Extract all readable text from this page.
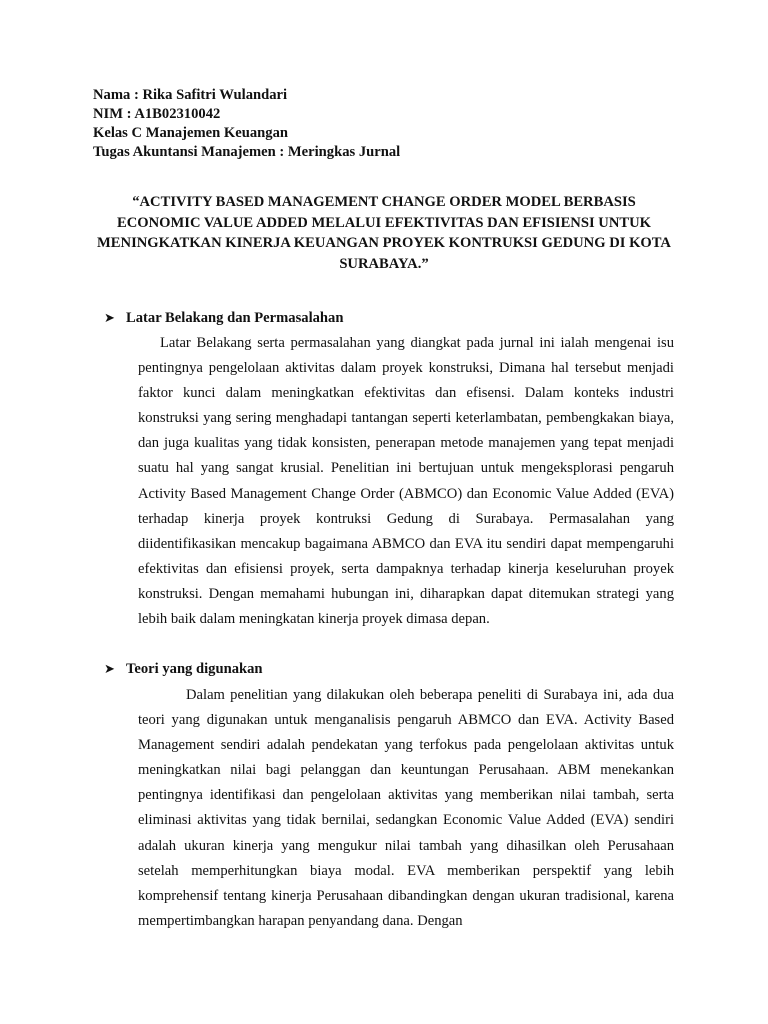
Nama : Rika Safitri Wulandari
NIM : A1B02310042
Kelas C Manajemen Keuangan
Tugas Akuntansi Manajemen : Meringkas Jurnal
“ACTIVITY BASED MANAGEMENT CHANGE ORDER MODEL BERBASIS ECONOMIC VALUE ADDED MELALUI EFEKTIVITAS DAN EFISIENSI UNTUK MENINGKATKAN KINERJA KEUANGAN PROYEK KONTRUKSI GEDUNG DI KOTA SURABAYA.”
➤ Latar Belakang dan Permasalahan
Latar Belakang serta permasalahan yang diangkat pada jurnal ini ialah mengenai isu pentingnya pengelolaan aktivitas dalam proyek konstruksi, Dimana hal tersebut menjadi faktor kunci dalam meningkatkan efektivitas dan efisensi. Dalam konteks industri konstruksi yang sering menghadapi tantangan seperti keterlambatan, pembengkakan biaya, dan juga kualitas yang tidak konsisten, penerapan metode manajemen yang tepat menjadi suatu hal yang sangat krusial. Penelitian ini bertujuan untuk mengeksplorasi pengaruh Activity Based Management Change Order (ABMCO) dan Economic Value Added (EVA) terhadap kinerja proyek kontruksi Gedung di Surabaya. Permasalahan yang diidentifikasikan mencakup bagaimana ABMCO dan EVA itu sendiri dapat mempengaruhi efektivitas dan efisiensi proyek, serta dampaknya terhadap kinerja keseluruhan proyek konstruksi. Dengan memahami hubungan ini, diharapkan dapat ditemukan strategi yang lebih baik dalam meningkatan kinerja proyek dimasa depan.
➤ Teori yang digunakan
Dalam penelitian yang dilakukan oleh beberapa peneliti di Surabaya ini, ada dua teori yang digunakan untuk menganalisis pengaruh ABMCO dan EVA. Activity Based Management sendiri adalah pendekatan yang terfokus pada pengelolaan aktivitas untuk meningkatkan nilai bagi pelanggan dan keuntungan Perusahaan. ABM menekankan pentingnya identifikasi dan pengelolaan aktivitas yang memberikan nilai tambah, serta eliminasi aktivitas yang tidak bernilai, sedangkan Economic Value Added (EVA) sendiri adalah ukuran kinerja yang mengukur nilai tambah yang dihasilkan oleh Perusahaan setelah memperhitungkan biaya modal. EVA memberikan perspektif yang lebih komprehensif tentang kinerja Perusahaan dibandingkan dengan ukuran tradisional, karena mempertimbangkan harapan penyandang dana. Dengan
